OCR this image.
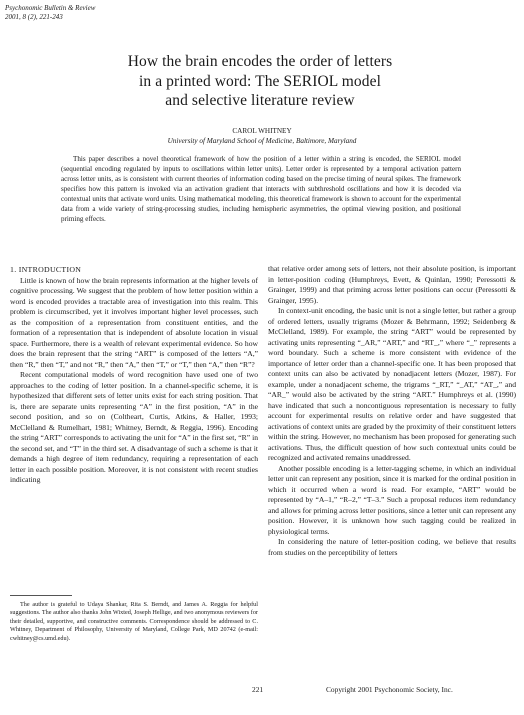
Psychonomic Bulletin & Review
2001, 8 (2), 221-243
How the brain encodes the order of letters
in a printed word: The SERIOL model
and selective literature review
CAROL WHITNEY
University of Maryland School of Medicine, Baltimore, Maryland

This paper describes a novel theoretical framework of how the position of a letter within a string is encoded, the SERIOL model (sequential encoding regulated by inputs to oscillations within letter units). Letter order is represented by a temporal activation pattern across letter units, as is consistent with current theories of information coding based on the precise timing of neural spikes. The framework specifies how this pattern is invoked via an activation gradient that interacts with subthreshold oscillations and how it is decoded via contextual units that activate word units. Using mathematical modeling, this theoretical framework is shown to account for the experimental data from a wide variety of string-processing studies, including hemispheric asymmetries, the optimal viewing position, and positional priming effects.

1. INTRODUCTION

Little is known of how the brain represents information at the higher levels of cognitive processing. We suggest that the problem of how letter position within a word is encoded provides a tractable area of investigation into this realm. This problem is circumscribed, yet it involves important higher level processes, such as the composition of a representation from constituent entities, and the formation of a representation that is independent of absolute location in visual space. Furthermore, there is a wealth of relevant experimental evidence. So how does the brain represent that the string “ART” is composed of the letters “A,” then “R,” then “T,” and not “R,” then “A,” then “T,” or “T,” then “A,” then “R”?

Recent computational models of word recognition have used one of two approaches to the coding of letter position. In a channel-specific scheme, it is hypothesized that different sets of letter units exist for each string position. That is, there are separate units representing “A” in the first position, “A” in the second position, and so on (Coltheart, Curtis, Atkins, & Haller, 1993; McClelland & Rumelhart, 1981; Whitney, Berndt, & Reggia, 1996). Encoding the string “ART” corresponds to activating the unit for “A” in the first set, “R” in the second set, and “T” in the third set. A disadvantage of such a scheme is that it demands a high degree of item redundancy, requiring a representation of each letter in each possible position. Moreover, it is not consistent with recent studies indicating

The author is grateful to Udaya Shankar, Rita S. Berndt, and James A. Reggia for helpful suggestions. The author also thanks John Wixted, Joseph Hellige, and two anonymous reviewers for their detailed, supportive, and constructive comments. Correspondence should be addressed to C. Whitney, Department of Philosophy, University of Maryland, College Park, MD 20742 (e-mail: cwhitney@cs.umd.edu).

that relative order among sets of letters, not their absolute position, is important in letter-position coding (Humphreys, Evett, & Quinlan, 1990; Peressotti & Grainger, 1999) and that priming across letter positions can occur (Peressotti & Grainger, 1995).

In context-unit encoding, the basic unit is not a single letter, but rather a group of ordered letters, usually trigrams (Mozer & Behrmann, 1992; Seidenberg & McClelland, 1989). For example, the string “ART” would be represented by activating units representing “_AR,” “ART,” and “RT_,” where “_” represents a word boundary. Such a scheme is more consistent with evidence of the importance of letter order than a channel-specific one. It has been proposed that context units can also be activated by nonadjacent letters (Mozer, 1987). For example, under a nonadjacent scheme, the trigrams “_RT,” “_AT,” “AT_,” and “AR_” would also be activated by the string “ART.” Humphreys et al. (1990) have indicated that such a noncontiguous representation is necessary to fully account for experimental results on relative order and have suggested that activations of context units are graded by the proximity of their constituent letters within the string. However, no mechanism has been proposed for generating such activations. Thus, the difficult question of how such contextual units could be recognized and activated remains unaddressed.

Another possible encoding is a letter-tagging scheme, in which an individual letter unit can represent any position, since it is marked for the ordinal position in which it occurred when a word is read. For example, “ART” would be represented by “A–1,” “R–2,” “T–3.” Such a proposal reduces item redundancy and allows for priming across letter positions, since a letter unit can represent any position. However, it is unknown how such tagging could be realized in physiological terms.

In considering the nature of letter-position coding, we believe that results from studies on the perceptibility of letters

221	Copyright 2001 Psychonomic Society, Inc.
